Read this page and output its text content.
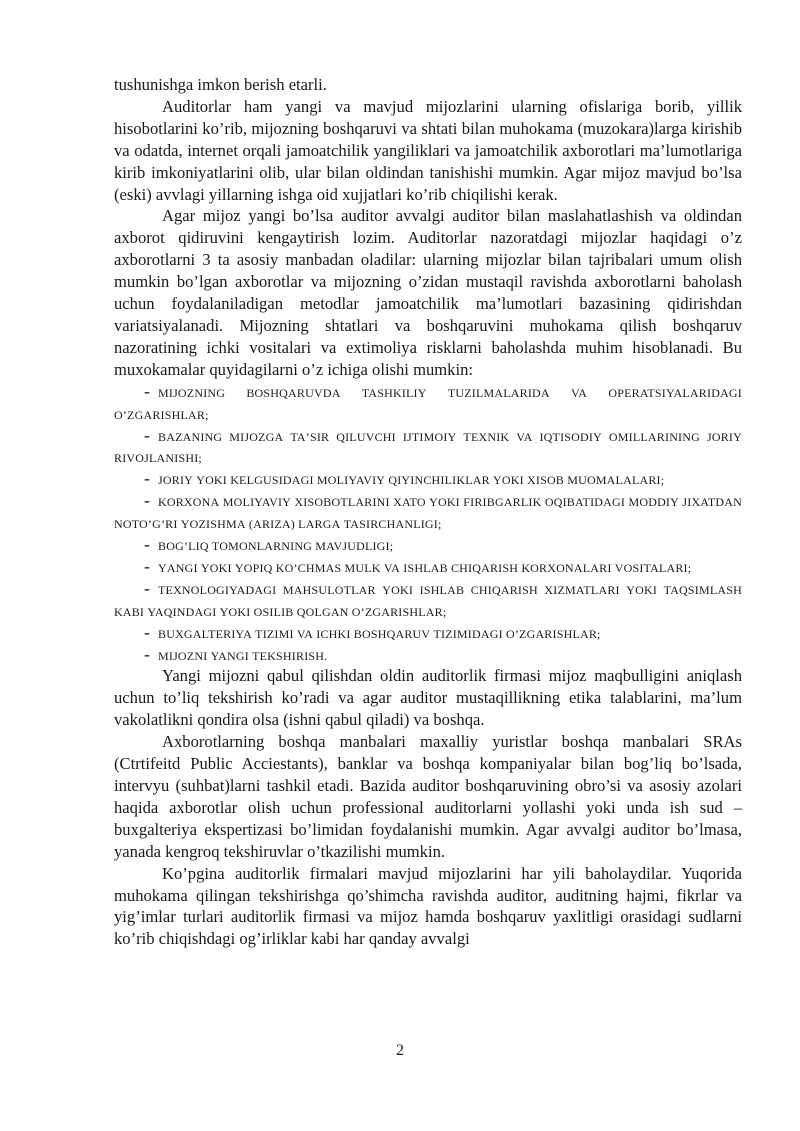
tushunishga imkon berish etarli.

Auditorlar ham yangi va mavjud mijozlarini ularning ofislariga borib, yillik hisobotlarini ko’rib, mijozning boshqaruvi va shtati bilan muhokama (muzokara)larga kirishib va odatda, internet orqali jamoatchilik yangiliklari va jamoatchilik axborotlari ma’lumotlariga kirib imkoniyatlarini olib, ular bilan oldindan tanishishi mumkin. Agar mijoz mavjud bo’lsa (eski) avvlagi yillarning ishga oid xujjatlari ko’rib chiqilishi kerak.

Agar mijoz yangi bo’lsa auditor avvalgi auditor bilan maslahatlashish va oldindan axborot qidiruvini kengaytirish lozim. Auditorlar nazoratdagi mijozlar haqidagi o’z axborotlarni 3 ta asosiy manbadan oladilar: ularning mijozlar bilan tajribalari umum olish mumkin bo’lgan axborotlar va mijozning o’zidan mustaqil ravishda axborotlarni baholash uchun foydalaniladigan metodlar jamoatchilik ma’lumotlari bazasining qidirishdan variatsiyalanadi. Mijozning shtatlari va boshqaruvini muhokama qilish boshqaruv nazoratining ichki vositalari va extimoliya risklarni baholashda muhim hisoblanadi. Bu muxokamalar quyidagilarni o’z ichiga olishi mumkin:

- Mijozning boshqaruvda tashkiliy tuzilmalarida va operatsiyalaridagi o’zgarishlar;
- Bazaning mijozga ta’sir qiluvchi ijtimoiy texnik va iqtisodiy omillarining joriy rivojlanishi;
- Joriy yoki kelgusidagi moliyaviy qiyinchiliklar yoki xisob muomalalari;
- Korxona moliyaviy xisobotlarini xato yoki firibgarlik oqibatidagi moddiy jixatdan noto’g’ri yozishma (ariza) larga tasirchanligi;
- Bog’liq tomonlarning mavjudligi;
- Yangi yoki yopiq ko’chmas mulk va ishlab chiqarish korxonalari vositalari;
- Texnologiyadagi mahsulotlar yoki ishlab chiqarish xizmatlari yoki taqsimlash kabi yaqindagi yoki osilib qolgan o’zgarishlar;
- Buxgalteriya tizimi va ichki boshqaruv tizimidagi o’zgarishlar;
- Mijozni yangi tekshirish.

Yangi mijozni qabul qilishdan oldin auditorlik firmasi mijoz maqbulligini aniqlash uchun to’liq tekshirish ko’radi va agar auditor mustaqillikning etika talablarini, ma’lum vakolatlikni qondira olsa (ishni qabul qiladi) va boshqa.

Axborotlarning boshqa manbalari maxalliy yuristlar boshqa manbalari SRAs (Ctrtifeitd Public Acciestants), banklar va boshqa kompaniyalar bilan bog’liq bo’lsada, intervyu (suhbat)larni tashkil etadi. Bazida auditor boshqaruvining obro’si va asosiy azolari haqida axborotlar olish uchun professional auditorlarni yollashi yoki unda ish sud – buxgalteriya ekspertizasi bo’limidan foydalanishi mumkin. Agar avvalgi auditor bo’lmasa, yanada kengroq tekshiruvlar o’tkazilishi mumkin.

Ko’pgina auditorlik firmalari mavjud mijozlarini har yili baholaydilar. Yuqorida muhokama qilingan tekshirishga qo’shimcha ravishda auditor, auditning hajmi, fikrlar va yig’imlar turlari auditorlik firmasi va mijoz hamda boshqaruv yaxlitligi orasidagi sudlarni ko’rib chiqishdagi og’irliklar kabi har qanday avvalgi

2
